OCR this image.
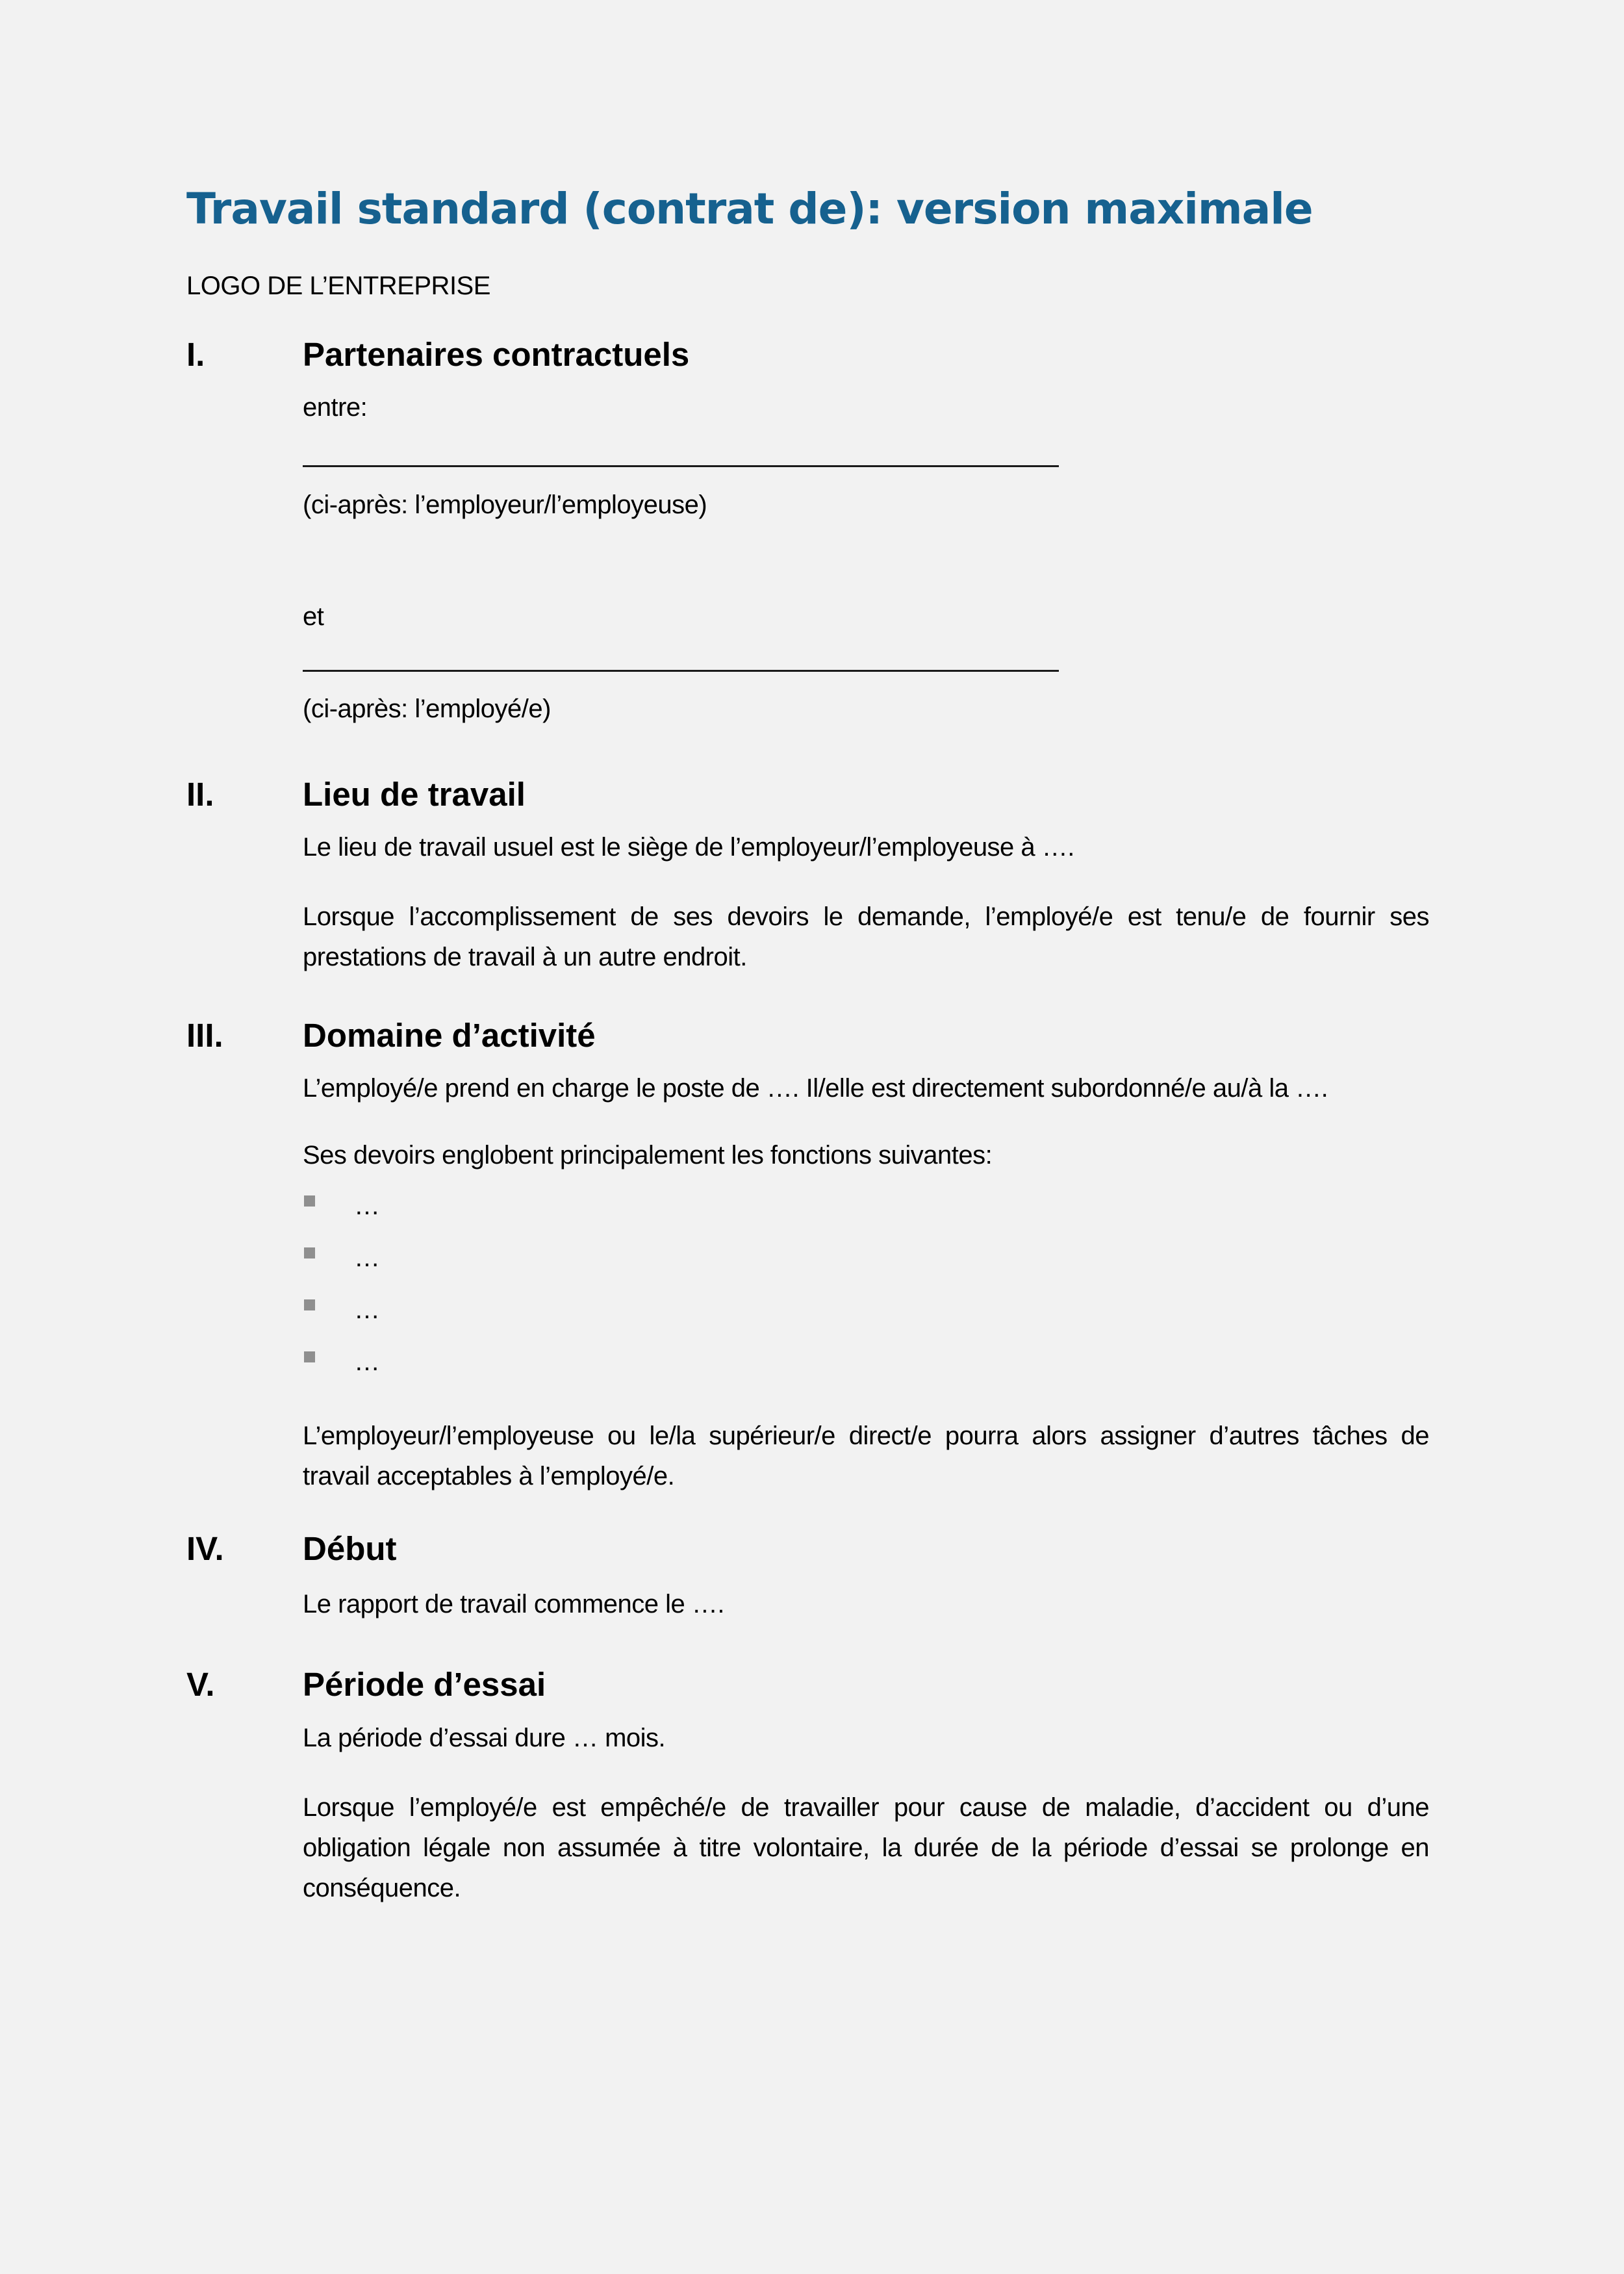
Travail standard (contrat de): version maximale

LOGO DE L’ENTREPRISE

I.	Partenaires contractuels

entre:

(ci-après: l’employeur/l’employeuse)

et

(ci-après: l’employé/e)

II.	Lieu de travail

Le lieu de travail usuel est le siège de l’employeur/l’employeuse à ….

Lorsque l’accomplissement de ses devoirs le demande, l’employé/e est tenu/e de fournir ses prestations de travail à un autre endroit.

III.	Domaine d’activité

L’employé/e prend en charge le poste de …. Il/elle est directement subordonné/e au/à la ….

Ses devoirs englobent principalement les fonctions suivantes:

…
…
…
…

L’employeur/l’employeuse ou le/la supérieur/e direct/e pourra alors assigner d’autres tâches de travail acceptables à l’employé/e.

IV.	Début

Le rapport de travail commence le ….

V.	Période d’essai

La période d’essai dure … mois.

Lorsque l’employé/e est empêché/e de travailler pour cause de maladie, d’accident ou d’une obligation légale non assumée à titre volontaire, la durée de la période d’essai se prolonge en conséquence.
